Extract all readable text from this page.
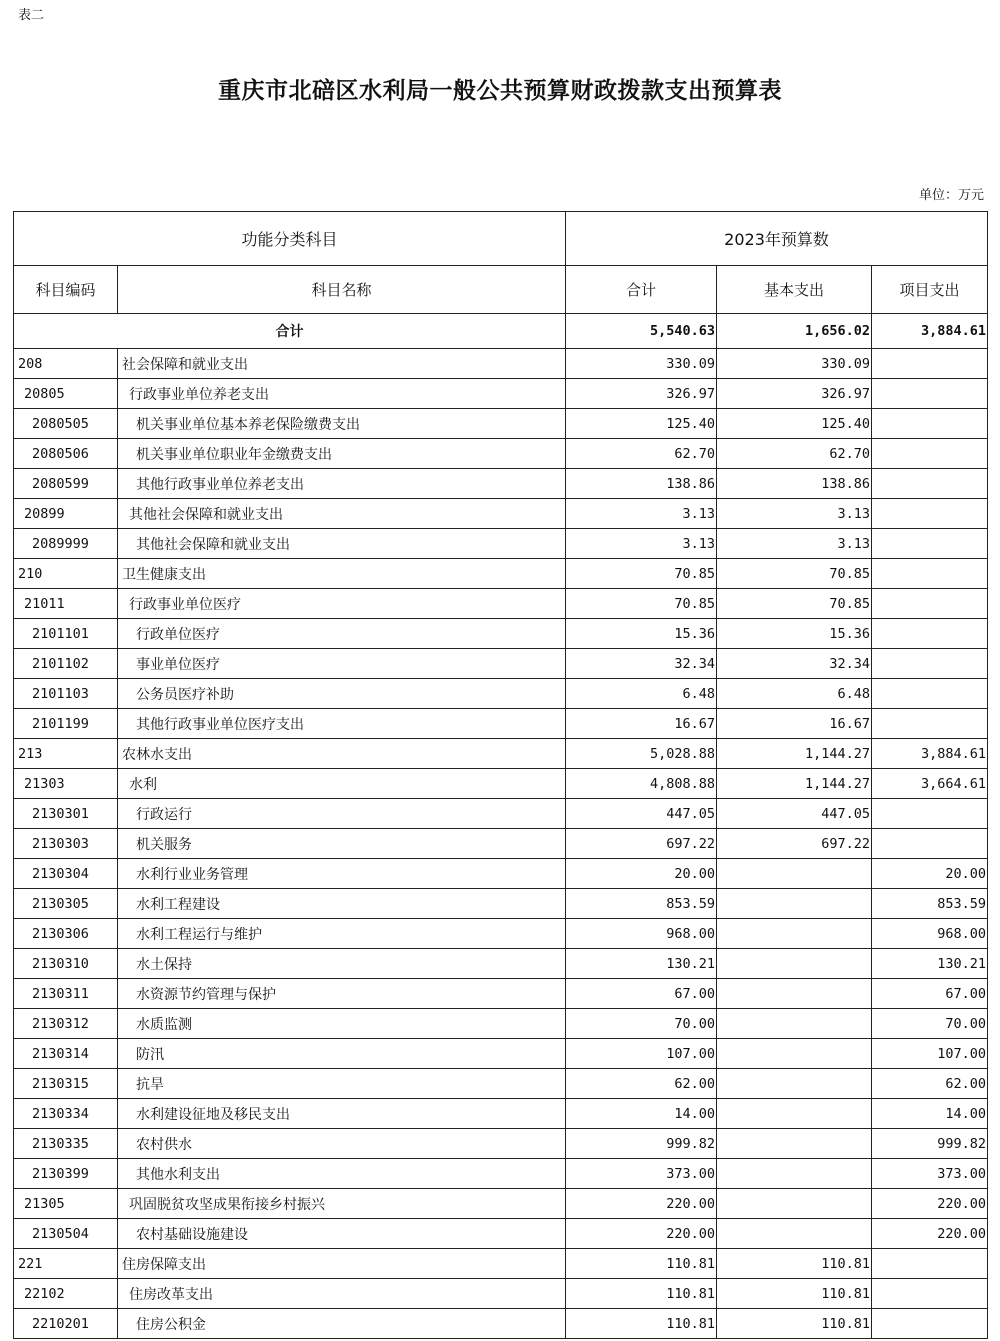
表二
重庆市北碚区水利局一般公共预算财政拨款支出预算表
单位：万元
功能分类科目		2023年预算数		
科目编码	科目名称	合计	基本支出	项目支出
合计		5,540.63	1,656.02	3,884.61
208	社会保障和就业支出	330.09	330.09	
20805	行政事业单位养老支出	326.97	326.97	
2080505	机关事业单位基本养老保险缴费支出	125.40	125.40	
2080506	机关事业单位职业年金缴费支出	62.70	62.70	
2080599	其他行政事业单位养老支出	138.86	138.86	
20899	其他社会保障和就业支出	3.13	3.13	
2089999	其他社会保障和就业支出	3.13	3.13	
210	卫生健康支出	70.85	70.85	
21011	行政事业单位医疗	70.85	70.85	
2101101	行政单位医疗	15.36	15.36	
2101102	事业单位医疗	32.34	32.34	
2101103	公务员医疗补助	6.48	6.48	
2101199	其他行政事业单位医疗支出	16.67	16.67	
213	农林水支出	5,028.88	1,144.27	3,884.61
21303	水利	4,808.88	1,144.27	3,664.61
2130301	行政运行	447.05	447.05	
2130303	机关服务	697.22	697.22	
2130304	水利行业业务管理	20.00		20.00
2130305	水利工程建设	853.59		853.59
2130306	水利工程运行与维护	968.00		968.00
2130310	水土保持	130.21		130.21
2130311	水资源节约管理与保护	67.00		67.00
2130312	水质监测	70.00		70.00
2130314	防汛	107.00		107.00
2130315	抗旱	62.00		62.00
2130334	水利建设征地及移民支出	14.00		14.00
2130335	农村供水	999.82		999.82
2130399	其他水利支出	373.00		373.00
21305	巩固脱贫攻坚成果衔接乡村振兴	220.00		220.00
2130504	农村基础设施建设	220.00		220.00
221	住房保障支出	110.81	110.81	
22102	住房改革支出	110.81	110.81	
2210201	住房公积金	110.81	110.81	
